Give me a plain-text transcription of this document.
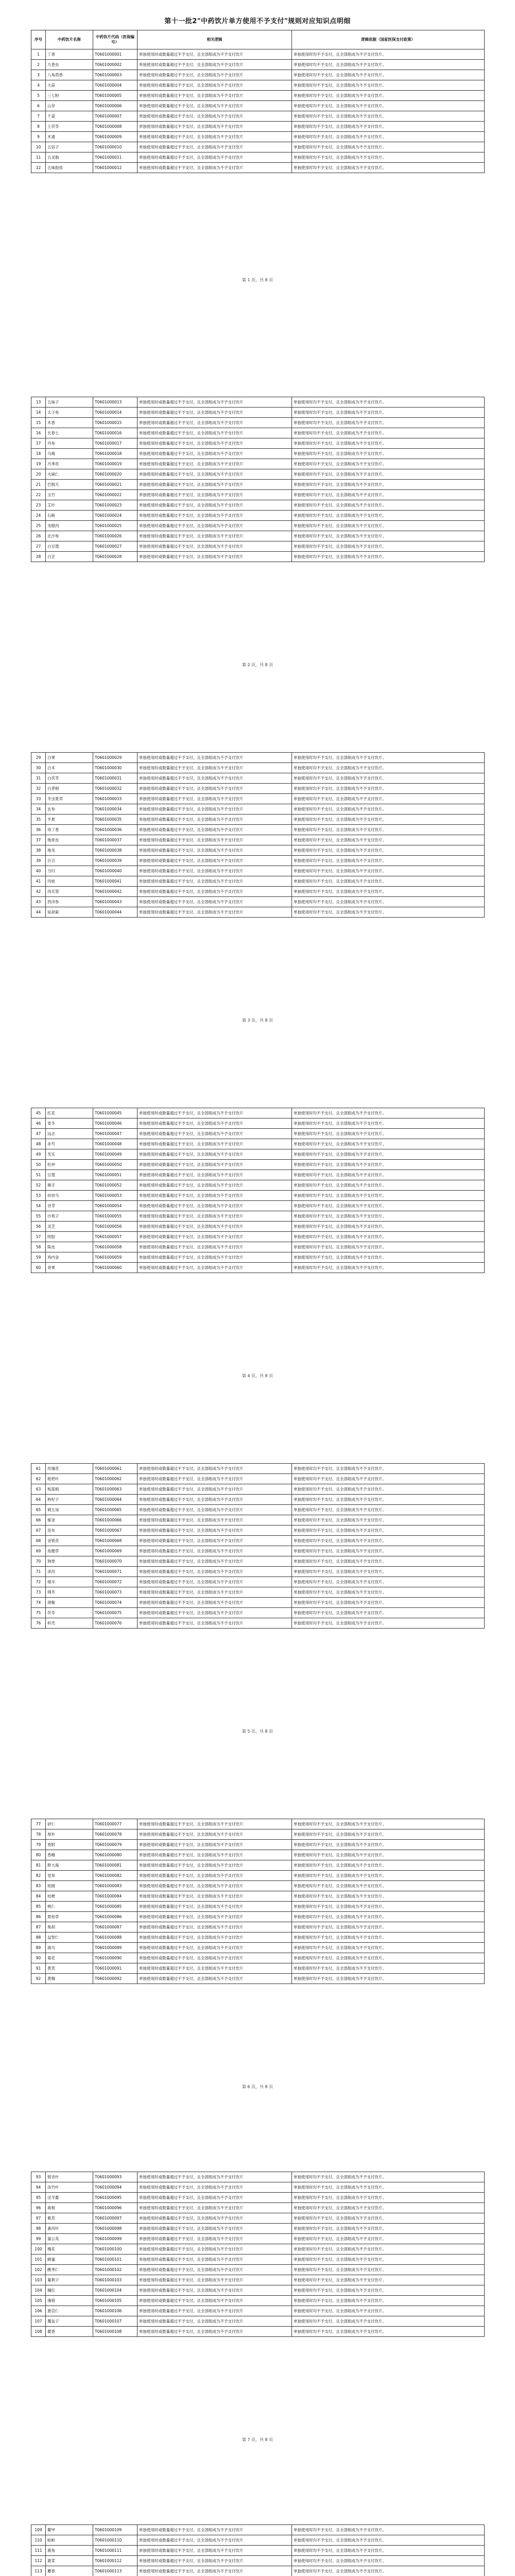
第十一批2"中药饮片单方使用不予支付"规则对应知识点明细
序号	中药饮片名称	中药饮片代码（医保编号）	相关逻辑	逻辑依据（国家医保支付政策）
1	丁香	T0601000001	单独使用时或数量超过不予支付，且全部组成为不予支付饮片	单独使用时均不予支付，且全部组成为不予支付饮片。
2	九香虫	T0601000002	单独使用时或数量超过不予支付，且全部组成为不予支付饮片	单独使用时均不予支付，且全部组成为不予支付饮片。
3	八角茴香	T0601000003	单独使用时或数量超过不予支付，且全部组成为不予支付饮片	单独使用时均不予支付，且全部组成为不予支付饮片。
4	大蒜	T0601000004	单独使用时或数量超过不予支付，且全部组成为不予支付饮片	单独使用时均不予支付，且全部组成为不予支付饮片。
5	三七粉	T0601000005	单独使用时或数量超过不予支付，且全部组成为不予支付饮片	单独使用时均不予支付，且全部组成为不予支付饮片。
6	山奈	T0601000006	单独使用时或数量超过不予支付，且全部组成为不予支付饮片	单独使用时均不予支付，且全部组成为不予支付饮片。
7	干姜	T0601000007	单独使用时或数量超过不予支付，且全部组成为不予支付饮片	单独使用时均不予支付，且全部组成为不予支付饮片。
8	土茯苓	T0601000008	单独使用时或数量超过不予支付，且全部组成为不予支付饮片	单独使用时均不予支付，且全部组成为不予支付饮片。
9	木通	T0601000009	单独使用时或数量超过不予支付，且全部组成为不予支付饮片	单独使用时均不予支付，且全部组成为不予支付饮片。
10	五倍子	T0601000010	单独使用时或数量超过不予支付，且全部组成为不予支付饮片	单独使用时均不予支付，且全部组成为不予支付饮片。
11	五灵脂	T0601000011	单独使用时或数量超过不予支付，且全部组成为不予支付饮片	单独使用时均不予支付，且全部组成为不予支付饮片。
12	五味胶质	T0601000012	单独使用时或数量超过不予支付，且全部组成为不予支付饮片	单独使用时均不予支付，且全部组成为不予支付饮片。
第 1 页，共 8 页
13	五味子	T0601000013	单独使用时或数量超过不予支付，且全部组成为不予支付饮片	单独使用时均不予支付，且全部组成为不予支付饮片。
14	太子参	T0601000014	单独使用时或数量超过不予支付，且全部组成为不予支付饮片	单独使用时均不予支付，且全部组成为不予支付饮片。
15	木香	T0601000015	单独使用时或数量超过不予支付，且全部组成为不予支付饮片	单独使用时均不予支付，且全部组成为不予支付饮片。
16	长春七	T0601000016	单独使用时或数量超过不予支付，且全部组成为不予支付饮片	单独使用时均不予支付，且全部组成为不予支付饮片。
17	丹参	T0601000017	单独使用时或数量超过不予支付，且全部组成为不予支付饮片	单独使用时均不予支付，且全部组成为不予支付饮片。
18	乌梅	T0601000018	单独使用时或数量超过不予支付，且全部组成为不予支付饮片	单独使用时均不予支付，且全部组成为不予支付饮片。
19	月季花	T0601000019	单独使用时或数量超过不予支付，且全部组成为不予支付饮片	单独使用时均不予支付，且全部组成为不予支付饮片。
20	火麻仁	T0601000020	单独使用时或数量超过不予支付，且全部组成为不予支付饮片	单独使用时均不予支付，且全部组成为不予支付饮片。
21	巴戟天	T0601000021	单独使用时或数量超过不予支付，且全部组成为不予支付饮片	单独使用时均不予支付，且全部组成为不予支付饮片。
22	玉竹	T0601000022	单独使用时或数量超过不予支付，且全部组成为不予支付饮片	单独使用时均不予支付，且全部组成为不予支付饮片。
23	艾叶	T0601000023	单独使用时或数量超过不予支付，且全部组成为不予支付饮片	单独使用时均不予支付，且全部组成为不予支付饮片。
24	石斛	T0601000024	单独使用时或数量超过不予支付，且全部组成为不予支付饮片	单独使用时均不予支付，且全部组成为不予支付饮片。
25	龙眼肉	T0601000025	单独使用时或数量超过不予支付，且全部组成为不予支付饮片	单独使用时均不予支付，且全部组成为不予支付饮片。
26	北沙参	T0601000026	单独使用时或数量超过不予支付，且全部组成为不予支付饮片	单独使用时均不予支付，且全部组成为不予支付饮片。
27	白豆蔻	T0601000027	单独使用时或数量超过不予支付，且全部组成为不予支付饮片	单独使用时均不予支付，且全部组成为不予支付饮片。
28	白芷	T0601000028	单独使用时或数量超过不予支付，且全部组成为不予支付饮片	单独使用时均不予支付，且全部组成为不予支付饮片。
第 2 页，共 8 页
29	白果	T0601000029	单独使用时或数量超过不予支付，且全部组成为不予支付饮片	单独使用时均不予支付，且全部组成为不予支付饮片。
30	白术	T0601000030	单独使用时或数量超过不予支付，且全部组成为不予支付饮片	单独使用时均不予支付，且全部组成为不予支付饮片。
31	白茯苓	T0601000031	单独使用时或数量超过不予支付，且全部组成为不予支付饮片	单独使用时均不予支付，且全部组成为不予支付饮片。
32	白茅根	T0601000032	单独使用时或数量超过不予支付，且全部组成为不予支付饮片	单独使用时均不予支付，且全部组成为不予支付饮片。
33	冬虫夏草	T0601000033	单独使用时或数量超过不予支付，且全部组成为不予支付饮片	单独使用时均不予支付，且全部组成为不予支付饮片。
34	玄参	T0601000034	单独使用时或数量超过不予支付，且全部组成为不予支付饮片	单独使用时均不予支付，且全部组成为不予支付饮片。
35	半夏	T0601000035	单独使用时或数量超过不予支付，且全部组成为不予支付饮片	单独使用时均不予支付，且全部组成为不予支付饮片。
36	母丁香	T0601000036	单独使用时或数量超过不予支付，且全部组成为不予支付饮片	单独使用时均不予支付，且全部组成为不予支付饮片。
37	地骨皮	T0601000037	单独使用时或数量超过不予支付，且全部组成为不予支付饮片	单独使用时均不予支付，且全部组成为不予支付饮片。
38	地龙	T0601000038	单独使用时或数量超过不予支付，且全部组成为不予支付饮片	单独使用时均不予支付，且全部组成为不予支付饮片。
39	百合	T0601000039	单独使用时或数量超过不予支付，且全部组成为不予支付饮片	单独使用时均不予支付，且全部组成为不予支付饮片。
40	当归	T0601000040	单独使用时或数量超过不予支付，且全部组成为不予支付饮片	单独使用时均不予支付，且全部组成为不予支付饮片。
41	肉桂	T0601000041	单独使用时或数量超过不予支付，且全部组成为不予支付饮片	单独使用时均不予支付，且全部组成为不予支付饮片。
42	肉苁蓉	T0601000042	单独使用时或数量超过不予支付，且全部组成为不予支付饮片	单独使用时均不予支付，且全部组成为不予支付饮片。
43	西洋参	T0601000043	单独使用时或数量超过不予支付，且全部组成为不予支付饮片	单独使用时均不予支付，且全部组成为不予支付饮片。
44	延胡索	T0601000044	单独使用时或数量超过不予支付，且全部组成为不予支付饮片	单独使用时均不予支付，且全部组成为不予支付饮片。
第 3 页，共 8 页
45	红花	T0601000045	单独使用时或数量超过不予支付，且全部组成为不予支付饮片	单独使用时均不予支付，且全部组成为不予支付饮片。
46	麦冬	T0601000046	单独使用时或数量超过不予支付，且全部组成为不予支付饮片	单独使用时均不予支付，且全部组成为不予支付饮片。
47	远志	T0601000047	单独使用时或数量超过不予支付，且全部组成为不予支付饮片	单独使用时均不予支付，且全部组成为不予支付饮片。
48	赤芍	T0601000048	单独使用时或数量超过不予支付，且全部组成为不予支付饮片	单独使用时均不予支付，且全部组成为不予支付饮片。
49	芡实	T0601000049	单独使用时或数量超过不予支付，且全部组成为不予支付饮片	单独使用时均不予支付，且全部组成为不予支付饮片。
50	杜仲	T0601000050	单独使用时或数量超过不予支付，且全部组成为不予支付饮片	单独使用时均不予支付，且全部组成为不予支付饮片。
51	豆蔻	T0601000051	单独使用时或数量超过不予支付，且全部组成为不予支付饮片	单独使用时均不予支付，且全部组成为不予支付饮片。
52	佛手	T0601000052	单独使用时或数量超过不予支付，且全部组成为不予支付饮片	单独使用时均不予支付，且全部组成为不予支付饮片。
53	何首乌	T0601000053	单独使用时或数量超过不予支付，且全部组成为不予支付饮片	单独使用时均不予支付，且全部组成为不予支付饮片。
54	谷芽	T0601000054	单独使用时或数量超过不予支付，且全部组成为不予支付饮片	单独使用时均不予支付，且全部组成为不予支付饮片。
55	沙苑子	T0601000055	单独使用时或数量超过不予支付，且全部组成为不予支付饮片	单独使用时均不予支付，且全部组成为不予支付饮片。
56	灵芝	T0601000056	单独使用时或数量超过不予支付，且全部组成为不予支付饮片	单独使用时均不予支付，且全部组成为不予支付饮片。
57	阿胶	T0601000057	单独使用时或数量超过不予支付，且全部组成为不予支付饮片	单独使用时均不予支付，且全部组成为不予支付饮片。
58	陈皮	T0601000058	单独使用时或数量超过不予支付，且全部组成为不予支付饮片	单独使用时均不予支付，且全部组成为不予支付饮片。
59	鸡内金	T0601000059	单独使用时或数量超过不予支付，且全部组成为不予支付饮片	单独使用时均不予支付，且全部组成为不予支付饮片。
60	青果	T0601000060	单独使用时或数量超过不予支付，且全部组成为不予支付饮片	单独使用时均不予支付，且全部组成为不予支付饮片。
第 4 页，共 8 页
61	玫瑰花	T0601000061	单独使用时或数量超过不予支付，且全部组成为不予支付饮片	单独使用时均不予支付，且全部组成为不予支付饮片。
62	枇杷叶	T0601000062	单独使用时或数量超过不予支付，且全部组成为不予支付饮片	单独使用时均不予支付，且全部组成为不予支付饮片。
63	板蓝根	T0601000063	单独使用时或数量超过不予支付，且全部组成为不予支付饮片	单独使用时均不予支付，且全部组成为不予支付饮片。
64	枸杞子	T0601000064	单独使用时或数量超过不予支付，且全部组成为不予支付饮片	单独使用时均不予支付，且全部组成为不予支付饮片。
65	刺五加	T0601000065	单独使用时或数量超过不予支付，且全部组成为不予支付饮片	单独使用时均不予支付，且全部组成为不予支付饮片。
66	郁金	T0601000066	单独使用时或数量超过不予支付，且全部组成为不予支付饮片	单独使用时均不予支付，且全部组成为不予支付饮片。
67	昆布	T0601000067	单独使用时或数量超过不予支付，且全部组成为不予支付饮片	单独使用时均不予支付，且全部组成为不予支付饮片。
68	金银花	T0601000068	单独使用时或数量超过不予支付，且全部组成为不予支付饮片	单独使用时均不予支付，且全部组成为不予支付饮片。
69	鱼腥草	T0601000069	单独使用时或数量超过不予支付，且全部组成为不予支付饮片	单独使用时均不予支付，且全部组成为不予支付饮片。
70	狗脊	T0601000070	单独使用时或数量超过不予支付，且全部组成为不予支付饮片	单独使用时均不予支付，且全部组成为不予支付饮片。
71	泽泻	T0601000071	单独使用时或数量超过不予支付，且全部组成为不予支付饮片	单独使用时均不予支付，且全部组成为不予支付饮片。
72	细辛	T0601000072	单独使用时或数量超过不予支付，且全部组成为不予支付饮片	单独使用时均不予支付，且全部组成为不予支付饮片。
73	荆芥	T0601000073	单独使用时或数量超过不予支付，且全部组成为不予支付饮片	单独使用时均不予支付，且全部组成为不予支付饮片。
74	胡椒	T0601000074	单独使用时或数量超过不予支付，且全部组成为不予支付饮片	单独使用时均不予支付，且全部组成为不予支付饮片。
75	茯苓	T0601000075	单独使用时或数量超过不予支付，且全部组成为不予支付饮片	单独使用时均不予支付，且全部组成为不予支付饮片。
76	枳壳	T0601000076	单独使用时或数量超过不予支付，且全部组成为不予支付饮片	单独使用时均不予支付，且全部组成为不予支付饮片。
第 5 页，共 8 页
77	砂仁	T0601000077	单独使用时或数量超过不予支付，且全部组成为不予支付饮片	单独使用时均不予支付，且全部组成为不予支付饮片。
78	厚朴	T0601000078	单独使用时或数量超过不予支付，且全部组成为不予支付饮片	单独使用时均不予支付，且全部组成为不予支付饮片。
79	香附	T0601000079	单独使用时或数量超过不予支付，且全部组成为不予支付饮片	单独使用时均不予支付，且全部组成为不予支付饮片。
80	香橼	T0601000080	单独使用时或数量超过不予支付，且全部组成为不予支付饮片	单独使用时均不予支付，且全部组成为不予支付饮片。
81	胖大海	T0601000081	单独使用时或数量超过不予支付，且全部组成为不予支付饮片	单独使用时均不予支付，且全部组成为不予支付饮片。
82	党参	T0601000082	单独使用时或数量超过不予支付，且全部组成为不予支付饮片	单独使用时均不予支付，且全部组成为不予支付饮片。
83	桂圆	T0601000083	单独使用时或数量超过不予支付，且全部组成为不予支付饮片	单独使用时均不予支付，且全部组成为不予支付饮片。
84	桔梗	T0601000084	单独使用时或数量超过不予支付，且全部组成为不予支付饮片	单独使用时均不予支付，且全部组成为不予支付饮片。
85	桃仁	T0601000085	单独使用时或数量超过不予支付，且全部组成为不予支付饮片	单独使用时均不予支付，且全部组成为不予支付饮片。
86	夏枯草	T0601000086	单独使用时或数量超过不予支付，且全部组成为不予支付饮片	单独使用时均不予支付，且全部组成为不予支付饮片。
87	柴胡	T0601000087	单独使用时或数量超过不予支付，且全部组成为不予支付饮片	单独使用时均不予支付，且全部组成为不予支付饮片。
88	益智仁	T0601000088	单独使用时或数量超过不予支付，且全部组成为不予支付饮片	单独使用时均不予支付，且全部组成为不予支付饮片。
89	海马	T0601000089	单独使用时或数量超过不予支付，且全部组成为不予支付饮片	单独使用时均不予支付，且全部组成为不予支付饮片。
90	菊花	T0601000090	单独使用时或数量超过不予支付，且全部组成为不予支付饮片	单独使用时均不予支付，且全部组成为不予支付饮片。
91	黄芪	T0601000091	单独使用时或数量超过不予支付，且全部组成为不予支付饮片	单独使用时均不予支付，且全部组成为不予支付饮片。
92	黄精	T0601000092	单独使用时或数量超过不予支付，且全部组成为不予支付饮片	单独使用时均不予支付，且全部组成为不予支付饮片。
第 6 页，共 8 页
93	银杏叶	T0601000093	单独使用时或数量超过不予支付，且全部组成为不予支付饮片	单独使用时均不予支付，且全部组成为不予支付饮片。
94	淡竹叶	T0601000094	单独使用时或数量超过不予支付，且全部组成为不予支付饮片	单独使用时均不予支付，且全部组成为不予支付饮片。
95	淫羊藿	T0601000095	单独使用时或数量超过不予支付，且全部组成为不予支付饮片	单独使用时均不予支付，且全部组成为不予支付饮片。
96	葛根	T0601000096	单独使用时或数量超过不予支付，且全部组成为不予支付饮片	单独使用时均不予支付，且全部组成为不予支付饮片。
97	紫苏	T0601000097	单独使用时或数量超过不予支付，且全部组成为不予支付饮片	单独使用时均不予支付，且全部组成为不予支付饮片。
98	番泻叶	T0601000098	单独使用时或数量超过不予支付，且全部组成为不予支付饮片	单独使用时均不予支付，且全部组成为不予支付饮片。
99	蒲公英	T0601000099	单独使用时或数量超过不予支付，且全部组成为不予支付饮片	单独使用时均不予支付，且全部组成为不予支付饮片。
100	槐花	T0601000100	单独使用时或数量超过不予支付，且全部组成为不予支付饮片	单独使用时均不予支付，且全部组成为不予支付饮片。
101	蜂蜜	T0601000101	单独使用时或数量超过不予支付，且全部组成为不予支付饮片	单独使用时均不予支付，且全部组成为不予支付饮片。
102	酸枣仁	T0601000102	单独使用时或数量超过不予支付，且全部组成为不予支付饮片	单独使用时均不予支付，且全部组成为不予支付饮片。
103	蔓荆子	T0601000103	单独使用时或数量超过不予支付，且全部组成为不予支付饮片	单独使用时均不予支付，且全部组成为不予支付饮片。
104	橘红	T0601000104	单独使用时或数量超过不予支付，且全部组成为不予支付饮片	单独使用时均不予支付，且全部组成为不予支付饮片。
105	薄荷	T0601000105	单独使用时或数量超过不予支付，且全部组成为不予支付饮片	单独使用时均不予支付，且全部组成为不予支付饮片。
106	薏苡仁	T0601000106	单独使用时或数量超过不予支付，且全部组成为不予支付饮片	单独使用时均不予支付，且全部组成为不予支付饮片。
107	覆盆子	T0601000107	单独使用时或数量超过不予支付，且全部组成为不予支付饮片	单独使用时均不予支付，且全部组成为不予支付饮片。
108	藿香	T0601000108	单独使用时或数量超过不予支付，且全部组成为不予支付饮片	单独使用时均不予支付，且全部组成为不予支付饮片。
第 7 页，共 8 页
109	鳖甲	T0601000109	单独使用时或数量超过不予支付，且全部组成为不予支付饮片	单独使用时均不予支付，且全部组成为不予支付饮片。
110	蛤蚧	T0601000110	单独使用时或数量超过不予支付，且全部组成为不予支付饮片	单独使用时均不予支付，且全部组成为不予支付饮片。
111	鹿角	T0601000111	单独使用时或数量超过不予支付，且全部组成为不予支付饮片	单独使用时均不予支付，且全部组成为不予支付饮片。
112	鹿茸	T0601000112	单独使用时或数量超过不予支付，且全部组成为不予支付饮片	单独使用时均不予支付，且全部组成为不予支付饮片。
113	麝香	T0601000113	单独使用时或数量超过不予支付，且全部组成为不予支付饮片	单独使用时均不予支付，且全部组成为不予支付饮片。
